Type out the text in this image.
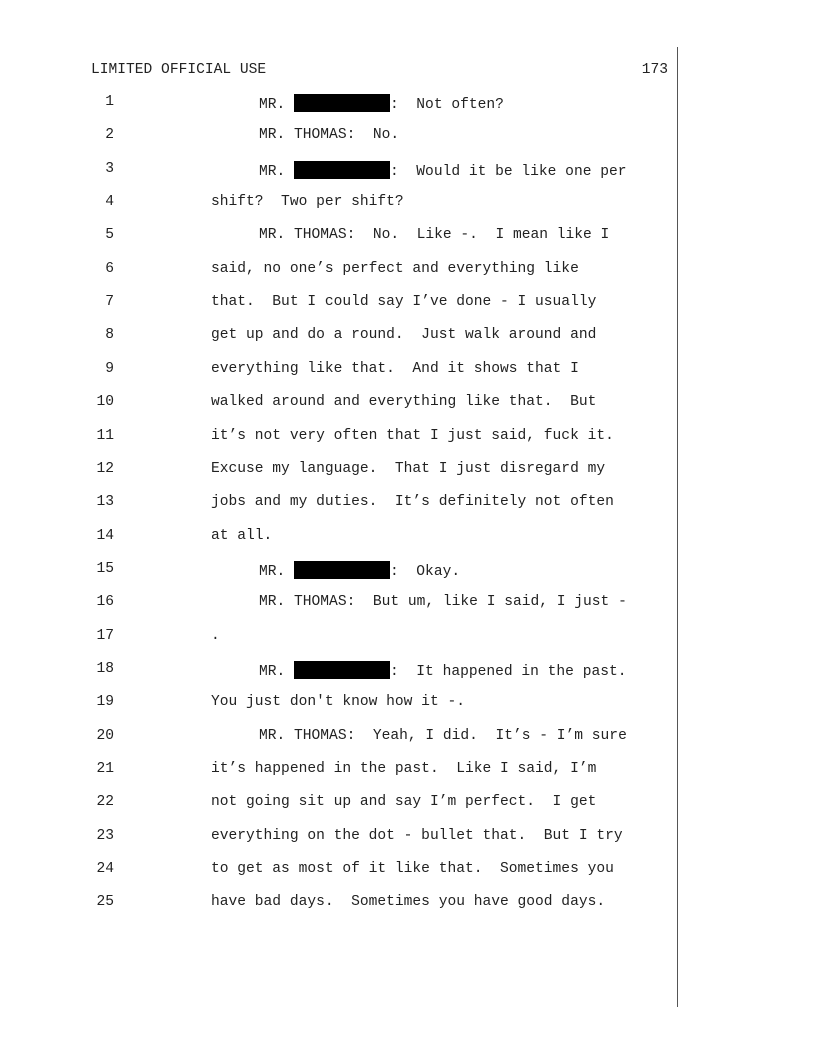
LIMITED OFFICIAL USE	173
1	MR.	:  Not often?
2	MR. THOMAS:  No.
3	MR.	:  Would it be like one per
4	shift?  Two per shift?
5	MR. THOMAS:  No.  Like -.  I mean like I
6	said, no one’s perfect and everything like
7	that.  But I could say I’ve done - I usually
8	get up and do a round.  Just walk around and
9	everything like that.  And it shows that I
10	walked around and everything like that.  But
11	it’s not very often that I just said, fuck it.
12	Excuse my language.  That I just disregard my
13	jobs and my duties.  It’s definitely not often
14	at all.
15	MR.	:  Okay.
16	MR. THOMAS:  But um, like I said, I just -
17	.
18	MR.	:  It happened in the past.
19	You just don't know how it -.
20	MR. THOMAS:  Yeah, I did.  It’s - I’m sure
21	it’s happened in the past.  Like I said, I’m
22	not going sit up and say I’m perfect.  I get
23	everything on the dot - bullet that.  But I try
24	to get as most of it like that.  Sometimes you
25	have bad days.  Sometimes you have good days.
